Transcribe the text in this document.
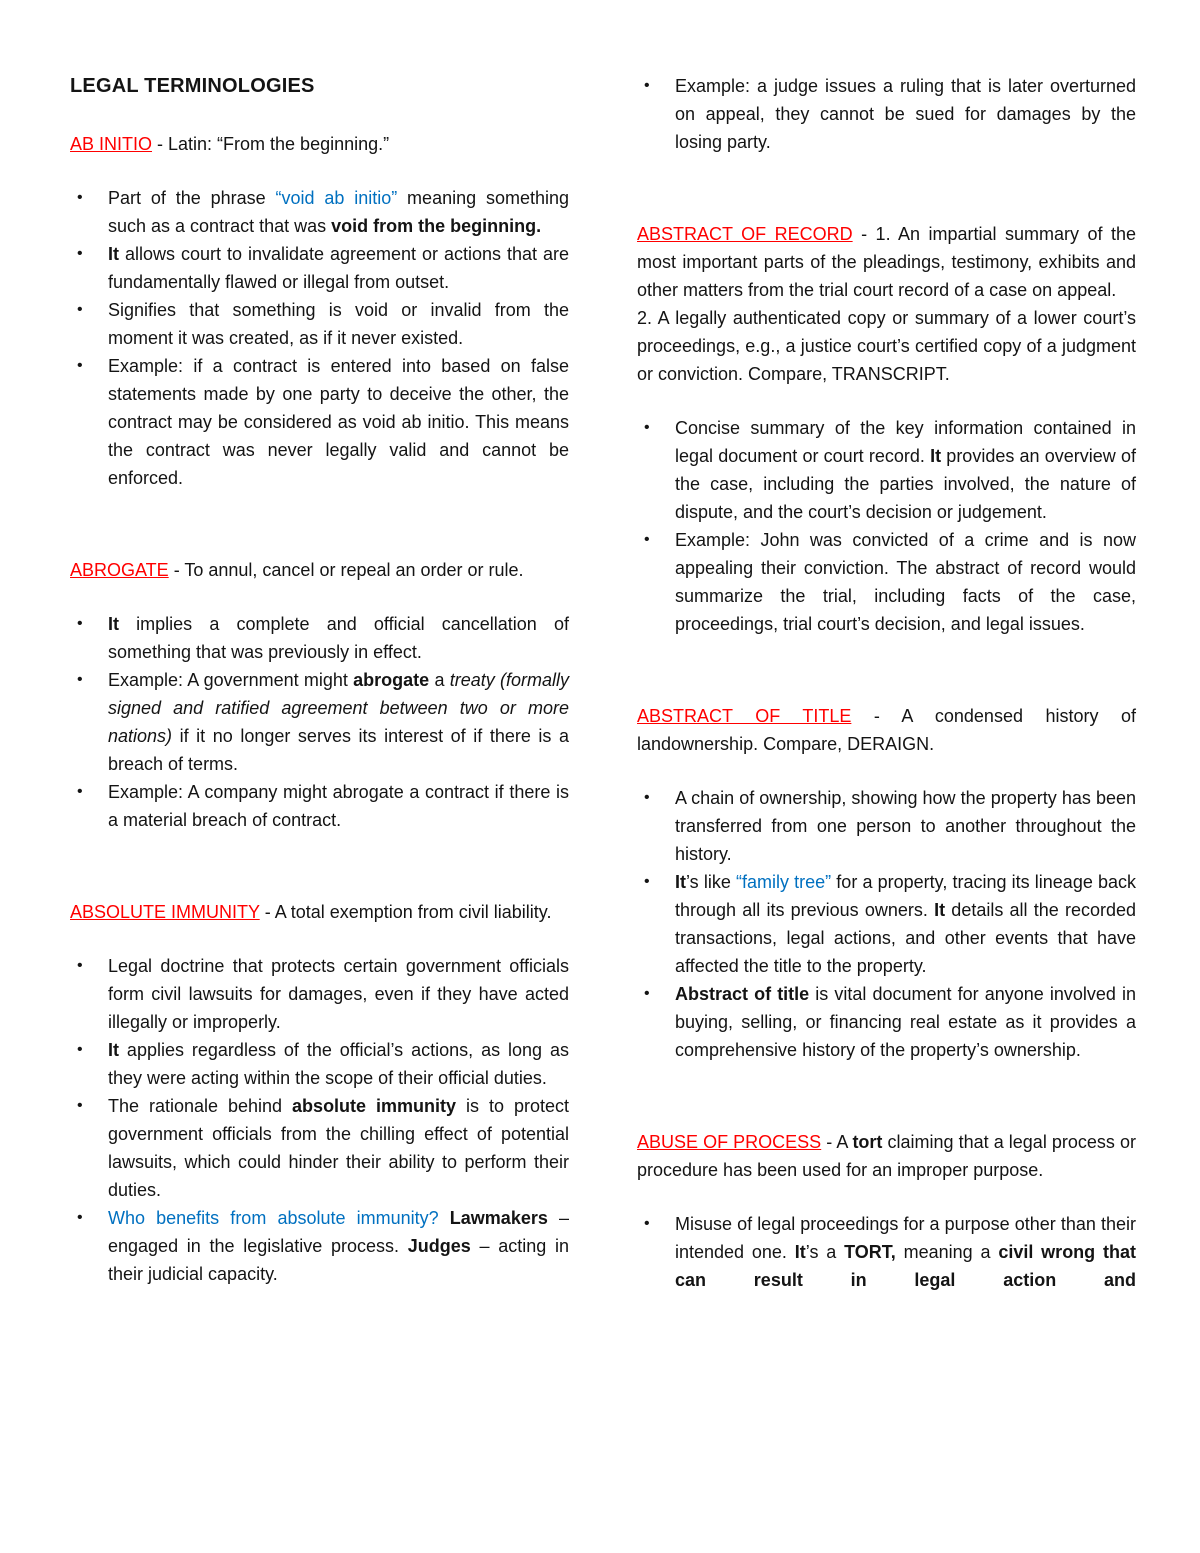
LEGAL TERMINOLOGIES

AB INITIO - Latin: “From the beginning.”

• Part of the phrase “void ab initio” meaning something such as a contract that was void from the beginning.
• It allows court to invalidate agreement or actions that are fundamentally flawed or illegal from outset.
• Signifies that something is void or invalid from the moment it was created, as if it never existed.
• Example: if a contract is entered into based on false statements made by one party to deceive the other, the contract may be considered as void ab initio. This means the contract was never legally valid and cannot be enforced.

ABROGATE - To annul, cancel or repeal an order or rule.

• It implies a complete and official cancellation of something that was previously in effect.
• Example: A government might abrogate a treaty (formally signed and ratified agreement between two or more nations) if it no longer serves its interest of if there is a breach of terms.
• Example: A company might abrogate a contract if there is a material breach of contract.

ABSOLUTE IMMUNITY - A total exemption from civil liability.

• Legal doctrine that protects certain government officials form civil lawsuits for damages, even if they have acted illegally or improperly.
• It applies regardless of the official’s actions, as long as they were acting within the scope of their official duties.
• The rationale behind absolute immunity is to protect government officials from the chilling effect of potential lawsuits, which could hinder their ability to perform their duties.
• Who benefits from absolute immunity? Lawmakers – engaged in the legislative process. Judges – acting in their judicial capacity.
• Example: a judge issues a ruling that is later overturned on appeal, they cannot be sued for damages by the losing party.

ABSTRACT OF RECORD - 1. An impartial summary of the most important parts of the pleadings, testimony, exhibits and other matters from the trial court record of a case on appeal.

2. A legally authenticated copy or summary of a lower court’s proceedings, e.g., a justice court’s certified copy of a judgment or conviction. Compare, TRANSCRIPT.

• Concise summary of the key information contained in legal document or court record. It provides an overview of the case, including the parties involved, the nature of dispute, and the court’s decision or judgement.
• Example: John was convicted of a crime and is now appealing their conviction. The abstract of record would summarize the trial, including facts of the case, proceedings, trial court’s decision, and legal issues.

ABSTRACT OF TITLE - A condensed history of landownership. Compare, DERAIGN.

• A chain of ownership, showing how the property has been transferred from one person to another throughout the history.
• It’s like “family tree” for a property, tracing its lineage back through all its previous owners. It details all the recorded transactions, legal actions, and other events that have affected the title to the property.
• Abstract of title is vital document for anyone involved in buying, selling, or financing real estate as it provides a comprehensive history of the property’s ownership.

ABUSE OF PROCESS - A tort claiming that a legal process or procedure has been used for an improper purpose.

• Misuse of legal proceedings for a purpose other than their intended one. It’s a TORT, meaning a civil wrong that can result in legal action and
